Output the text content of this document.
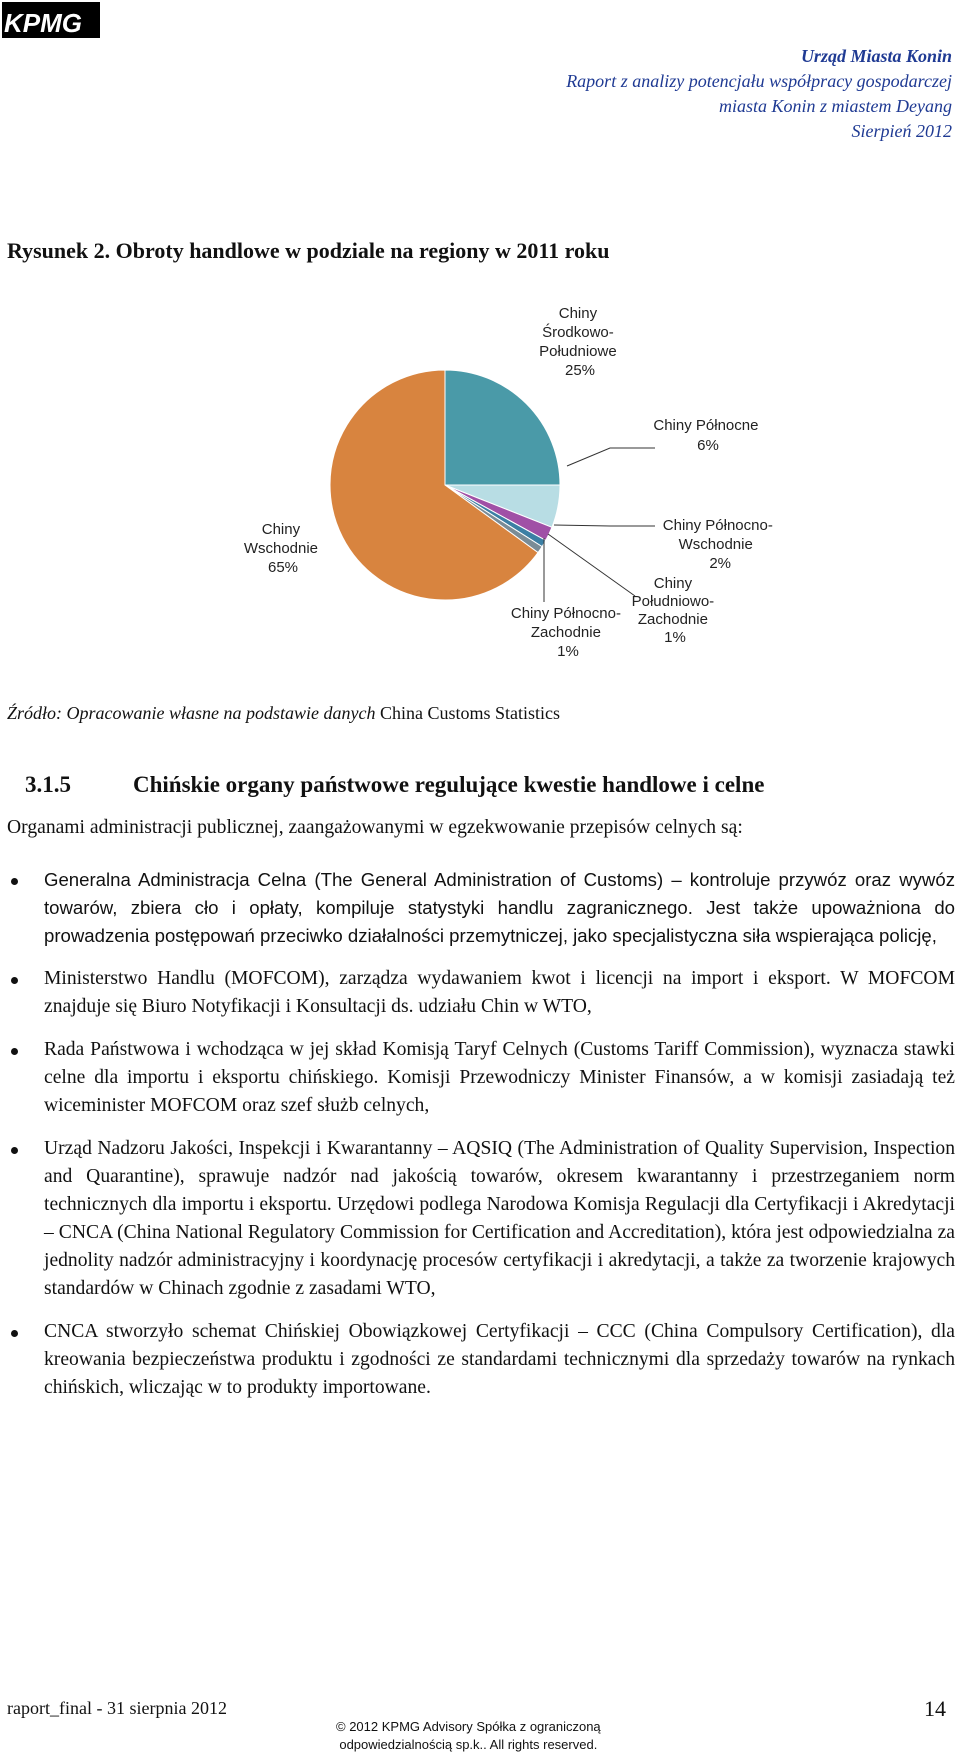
KPMG
Urząd Miasta Konin
Raport z analizy potencjału współpracy gospodarczej
miasta Konin z miastem Deyang
Sierpień 2012
Rysunek 2. Obroty handlowe w podziale na regiony w 2011 roku
Chiny Środkowo- Południowe 25%
Chiny Północne 6%
Chiny Północno- Wschodnie 2%
Chiny Południowo- Zachodnie 1%
Chiny Północno- Zachodnie 1%
Chiny Wschodnie 65%
Źródło: Opracowanie własne na podstawie danych China Customs Statistics
3.1.5	Chińskie organy państwowe regulujące kwestie handlowe i celne
Organami administracji publicznej, zaangażowanymi w egzekwowanie przepisów celnych są:
Generalna Administracja Celna (The General Administration of Customs) – kontroluje przywóz oraz wywóz towarów, zbiera cło i opłaty, kompiluje statystyki handlu zagranicznego. Jest także upoważniona do prowadzenia postępowań przeciwko działalności przemytniczej, jako specjalistyczna siła wspierająca policję,
Ministerstwo Handlu (MOFCOM), zarządza wydawaniem kwot i licencji na import i eksport. W MOFCOM znajduje się Biuro Notyfikacji i Konsultacji ds. udziału Chin w WTO,
Rada Państwowa i wchodząca w jej skład Komisją Taryf Celnych (Customs Tariff Commission), wyznacza stawki celne dla importu i eksportu chińskiego. Komisji Przewodniczy Minister Finansów, a w komisji zasiadają też wiceminister MOFCOM oraz szef służb celnych,
Urząd Nadzoru Jakości, Inspekcji i Kwarantanny – AQSIQ (The Administration of Quality Supervision, Inspection and Quarantine), sprawuje nadzór nad jakością towarów, okresem kwarantanny i przestrzeganiem norm technicznych dla importu i eksportu. Urzędowi podlega Narodowa Komisja Regulacji dla Certyfikacji i Akredytacji – CNCA (China National Regulatory Commission for Certification and Accreditation), która jest odpowiedzialna za jednolity nadzór administracyjny i koordynację procesów certyfikacji i akredytacji, a także za tworzenie krajowych standardów w Chinach zgodnie z zasadami WTO,
CNCA stworzyło schemat Chińskiej Obowiązkowej Certyfikacji – CCC (China Compulsory Certification), dla kreowania bezpieczeństwa produktu i zgodności ze standardami technicznymi dla sprzedaży towarów na rynkach chińskich, wliczając w to produkty importowane.
raport_final - 31 sierpnia 2012
© 2012 KPMG Advisory Spółka z ograniczoną
odpowiedzialnością sp.k.. All rights reserved.
14
